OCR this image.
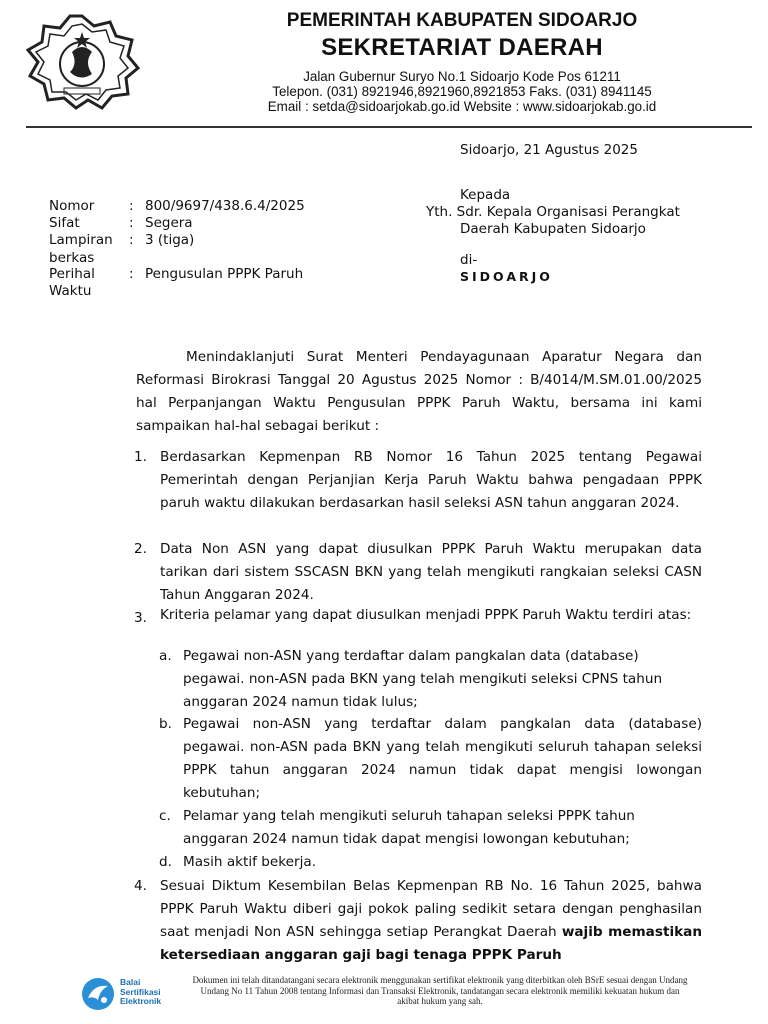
PEMERINTAH KABUPATEN SIDOARJO
SEKRETARIAT DAERAH
Jalan Gubernur Suryo No.1 Sidoarjo Kode Pos 61211
Telepon. (031) 8921946,8921960,8921853 Faks. (031) 8941145
Email : setda@sidoarjokab.go.id Website : www.sidoarjokab.go.id
Sidoarjo, 21 Agustus 2025
Kepada
Yth. Sdr. Kepala Organisasi Perangkat
Daerah Kabupaten Sidoarjo
di-
SIDOARJO
Nomor	: 800/9697/438.6.4/2025
Sifat	: Segera
Lampiran : 3 (tiga)
berkas
Perihal	: Pengusulan PPPK Paruh
Waktu
Menindaklanjuti Surat Menteri Pendayagunaan Aparatur Negara dan Reformasi Birokrasi Tanggal 20 Agustus 2025 Nomor : B/4014/M.SM.01.00/2025 hal Perpanjangan Waktu Pengusulan PPPK Paruh Waktu, bersama ini kami sampaikan hal-hal sebagai berikut :
1. Berdasarkan Kepmenpan RB Nomor 16 Tahun 2025 tentang Pegawai Pemerintah dengan Perjanjian Kerja Paruh Waktu bahwa pengadaan PPPK paruh waktu dilakukan berdasarkan hasil seleksi ASN tahun anggaran 2024.
2. Data Non ASN yang dapat diusulkan PPPK Paruh Waktu merupakan data tarikan dari sistem SSCASN BKN yang telah mengikuti rangkaian seleksi CASN Tahun Anggaran 2024.
3. Kriteria pelamar yang dapat diusulkan menjadi PPPK Paruh Waktu terdiri atas:
a. Pegawai non-ASN yang terdaftar dalam pangkalan data (database) pegawai. non-ASN pada BKN yang telah mengikuti seleksi CPNS tahun anggaran 2024 namun tidak lulus;
b. Pegawai non-ASN yang terdaftar dalam pangkalan data (database) pegawai. non-ASN pada BKN yang telah mengikuti seluruh tahapan seleksi PPPK tahun anggaran 2024 namun tidak dapat mengisi lowongan kebutuhan;
c. Pelamar yang telah mengikuti seluruh tahapan seleksi PPPK tahun anggaran 2024 namun tidak dapat mengisi lowongan kebutuhan;
d. Masih aktif bekerja.
4. Sesuai Diktum Kesembilan Belas Kepmenpan RB No. 16 Tahun 2025, bahwa PPPK Paruh Waktu diberi gaji pokok paling sedikit setara dengan penghasilan saat menjadi Non ASN sehingga setiap Perangkat Daerah wajib memastikan ketersediaan anggaran gaji bagi tenaga PPPK Paruh
Balai
Sertifikasi
Elektronik
Dokumen ini telah ditandatangani secara elektronik menggunakan sertifikat elektronik yang diterbitkan oleh BSrE sesuai dengan Undang Undang No 11 Tahun 2008 tentang Informasi dan Transaksi Elektronik, tandatangan secara elektronik memiliki kekuatan hukum dan akibat hukum yang sah.
